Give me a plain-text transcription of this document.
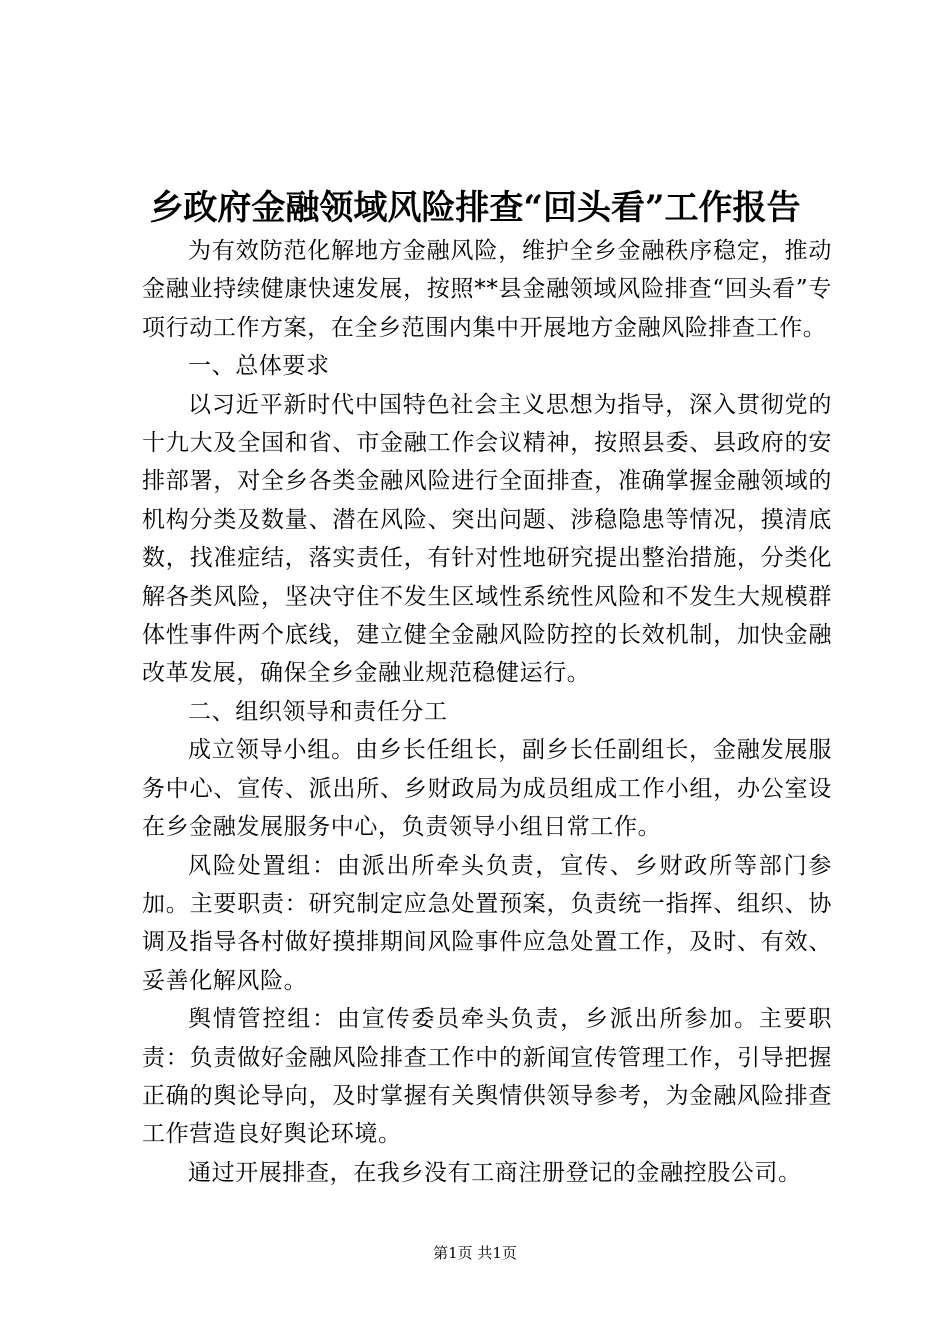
乡政府金融领域风险排查“回头看”工作报告

为有效防范化解地方金融风险，维护全乡金融秩序稳定，推动金融业持续健康快速发展，按照**县金融领域风险排查“回头看”专项行动工作方案，在全乡范围内集中开展地方金融风险排查工作。

一、总体要求

以习近平新时代中国特色社会主义思想为指导，深入贯彻党的十九大及全国和省、市金融工作会议精神，按照县委、县政府的安排部署，对全乡各类金融风险进行全面排查，准确掌握金融领域的机构分类及数量、潜在风险、突出问题、涉稳隐患等情况，摸清底数，找准症结，落实责任，有针对性地研究提出整治措施，分类化解各类风险，坚决守住不发生区域性系统性风险和不发生大规模群体性事件两个底线，建立健全金融风险防控的长效机制，加快金融改革发展，确保全乡金融业规范稳健运行。

二、组织领导和责任分工

成立领导小组。由乡长任组长，副乡长任副组长，金融发展服务中心、宣传、派出所、乡财政局为成员组成工作小组，办公室设在乡金融发展服务中心，负责领导小组日常工作。

风险处置组：由派出所牵头负责，宣传、乡财政所等部门参加。主要职责：研究制定应急处置预案，负责统一指挥、组织、协调及指导各村做好摸排期间风险事件应急处置工作，及时、有效、妥善化解风险。

舆情管控组：由宣传委员牵头负责，乡派出所参加。主要职责：负责做好金融风险排查工作中的新闻宣传管理工作，引导把握正确的舆论导向，及时掌握有关舆情供领导参考，为金融风险排查工作营造良好舆论环境。

通过开展排查，在我乡没有工商注册登记的金融控股公司。

第1页 共1页
